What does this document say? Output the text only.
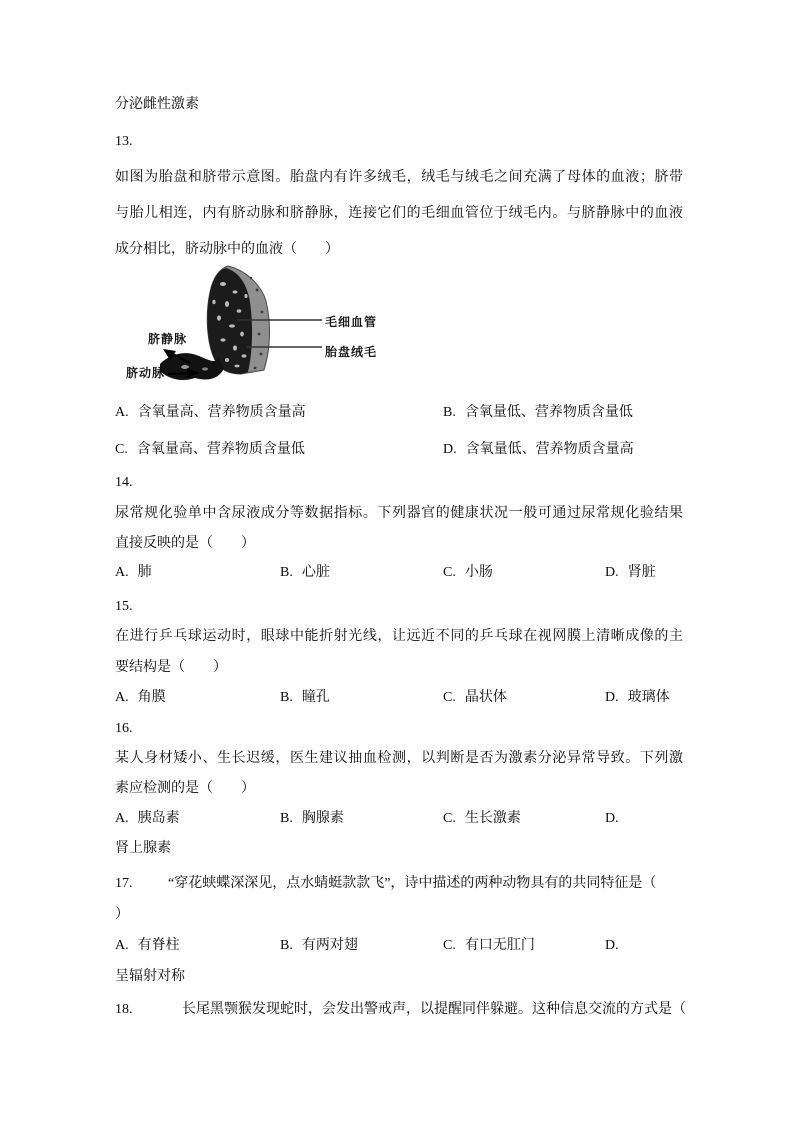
分泌雌性激素
13.
如图为胎盘和脐带示意图。胎盘内有许多绒毛，绒毛与绒毛之间充满了母体的血液；脐带
与胎儿相连，内有脐动脉和脐静脉，连接它们的毛细血管位于绒毛内。与脐静脉中的血液
成分相比，脐动脉中的血液（　　）
脐静脉
脐动脉
毛细血管
胎盘绒毛
A. 含氧量高、营养物质含量高	B. 含氧量低、营养物质含量低
C. 含氧量高、营养物质含量低	D. 含氧量低、营养物质含量高
14.
尿常规化验单中含尿液成分等数据指标。下列器官的健康状况一般可通过尿常规化验结果
直接反映的是（　　）
A. 肺	B. 心脏	C. 小肠	D. 肾脏
15.
在进行乒乓球运动时，眼球中能折射光线，让远近不同的乒乓球在视网膜上清晰成像的主
要结构是（　　）
A. 角膜	B. 瞳孔	C. 晶状体	D. 玻璃体
16.
某人身材矮小、生长迟缓，医生建议抽血检测，以判断是否为激素分泌异常导致。下列激
素应检测的是（　　）
A. 胰岛素	B. 胸腺素	C. 生长激素	D.
肾上腺素
17.	“穿花蛱蝶深深见，点水蜻蜓款款飞”，诗中描述的两种动物具有的共同特征是（
）
A. 有脊柱	B. 有两对翅	C. 有口无肛门	D.
呈辐射对称
18.	长尾黑颚猴发现蛇时，会发出警戒声，以提醒同伴躲避。这种信息交流的方式是（
